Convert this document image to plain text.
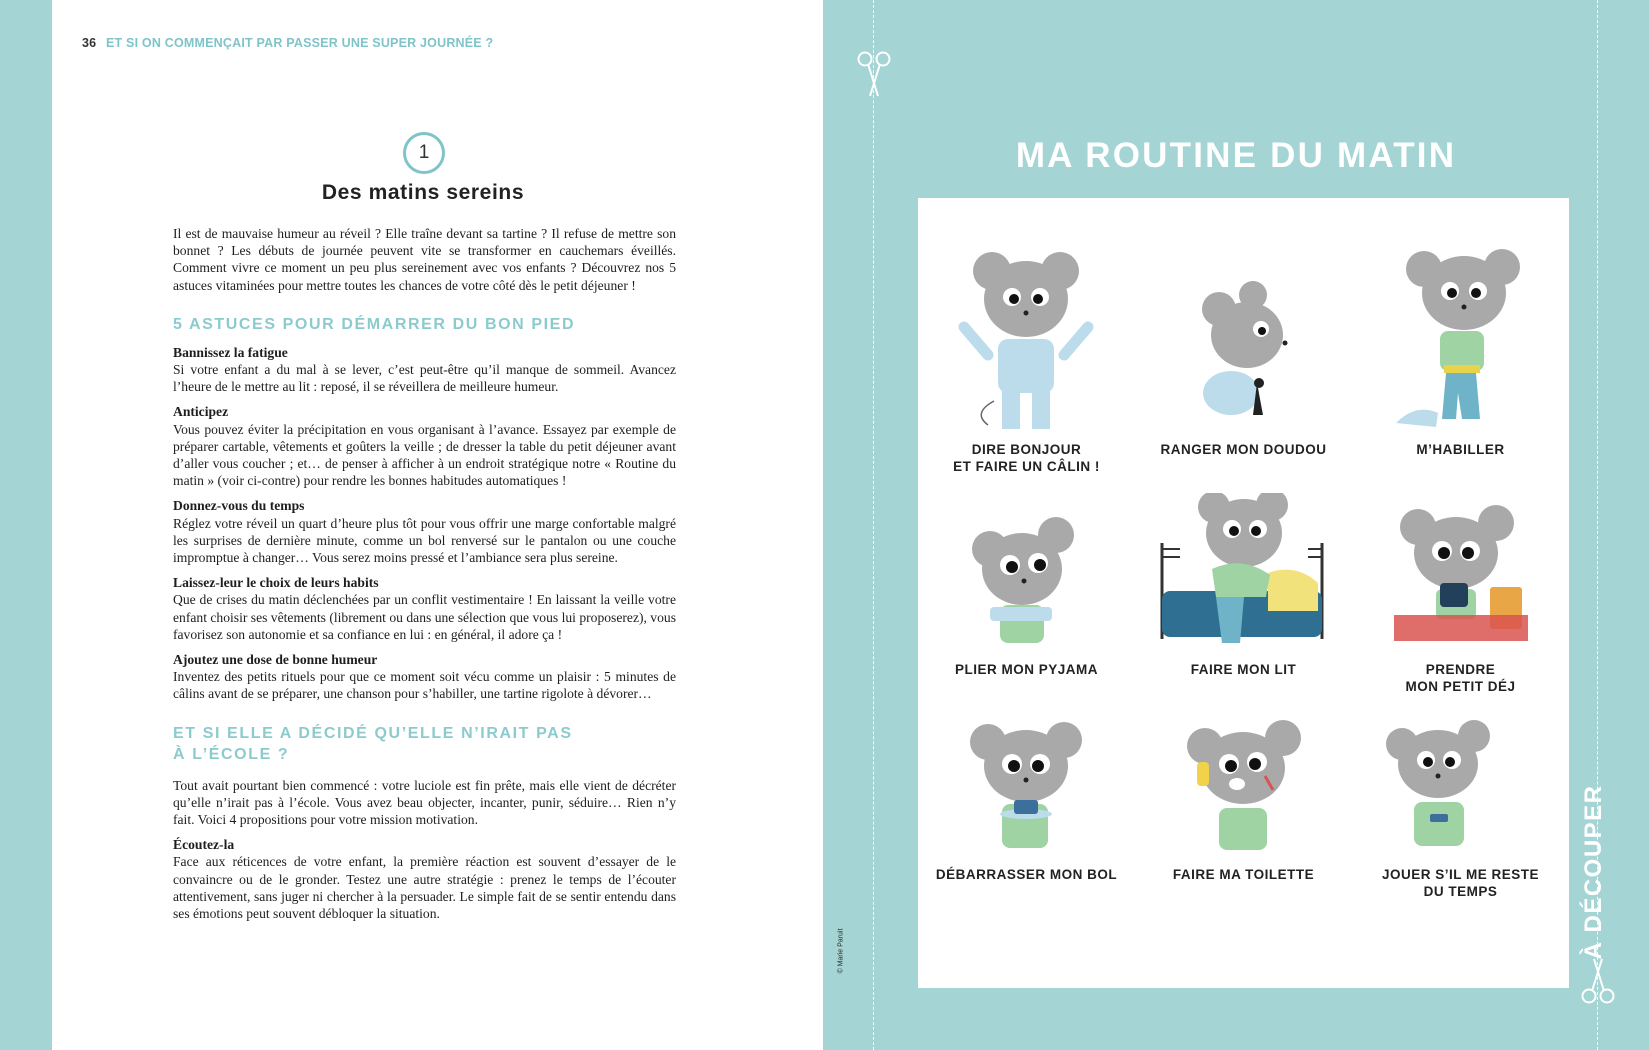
36 ET SI ON COMMENÇAIT PAR PASSER UNE SUPER JOURNÉE ?
1
Des matins sereins

Il est de mauvaise humeur au réveil ? Elle traîne devant sa tartine ? Il refuse de mettre son bonnet ? Les débuts de journée peuvent vite se transformer en cauchemars éveillés. Comment vivre ce moment un peu plus sereinement avec vos enfants ? Découvrez nos 5 astuces vitaminées pour mettre toutes les chances de votre côté dès le petit déjeuner !

5 ASTUCES POUR DÉMARRER DU BON PIED
Bannissez la fatigue

Si votre enfant a du mal à se lever, c’est peut-être qu’il manque de sommeil. Avancez l’heure de le mettre au lit : reposé, il se réveillera de meilleure humeur.

Anticipez

Vous pouvez éviter la précipitation en vous organisant à l’avance. Essayez par exemple de préparer cartable, vêtements et goûters la veille ; de dresser la table du petit déjeuner avant d’aller vous coucher ; et… de penser à afficher à un endroit stratégique notre « Routine du matin » (voir ci-contre) pour rendre les bonnes habitudes automatiques !

Donnez-vous du temps

Réglez votre réveil un quart d’heure plus tôt pour vous offrir une marge confortable malgré les surprises de dernière minute, comme un bol renversé sur le pantalon ou une couche impromptue à changer… Vous serez moins pressé et l’ambiance sera plus sereine.

Laissez-leur le choix de leurs habits

Que de crises du matin déclenchées par un conflit vestimentaire ! En laissant la veille votre enfant choisir ses vêtements (librement ou dans une sélection que vous lui proposerez), vous favorisez son autonomie et sa confiance en lui : en général, il adore ça !

Ajoutez une dose de bonne humeur

Inventez des petits rituels pour que ce moment soit vécu comme un plaisir : 5 minutes de câlins avant de se préparer, une chanson pour s’habiller, une tartine rigolote à dévorer…

ET SI ELLE A DÉCIDÉ QU’ELLE N’IRAIT PAS
À L’ÉCOLE ?

Tout avait pourtant bien commencé : votre luciole est fin prête, mais elle vient de décréter qu’elle n’irait pas à l’école. Vous avez beau objecter, incanter, punir, séduire… Rien n’y fait. Voici 4 propositions pour votre mission motivation.

Écoutez-la

Face aux réticences de votre enfant, la première réaction est souvent d’essayer de le convaincre ou de le gronder. Testez une autre stratégie : prenez le temps de l’écouter attentivement, sans juger ni chercher à la persuader. Le simple fait de se sentir entendu dans ses émotions peut souvent débloquer la situation.

MA ROUTINE DU MATIN
© Marie Paruit	À DÉCOUPER
DIRE BONJOUR
ET FAIRE UN CÂLIN !
RANGER MON DOUDOU	M’HABILLER
PLIER MON PYJAMA	FAIRE MON LIT	PRENDRE
MON PETIT DÉJ
DÉBARRASSER MON BOL	FAIRE MA TOILETTE	JOUER S’IL ME RESTE
DU TEMPS
